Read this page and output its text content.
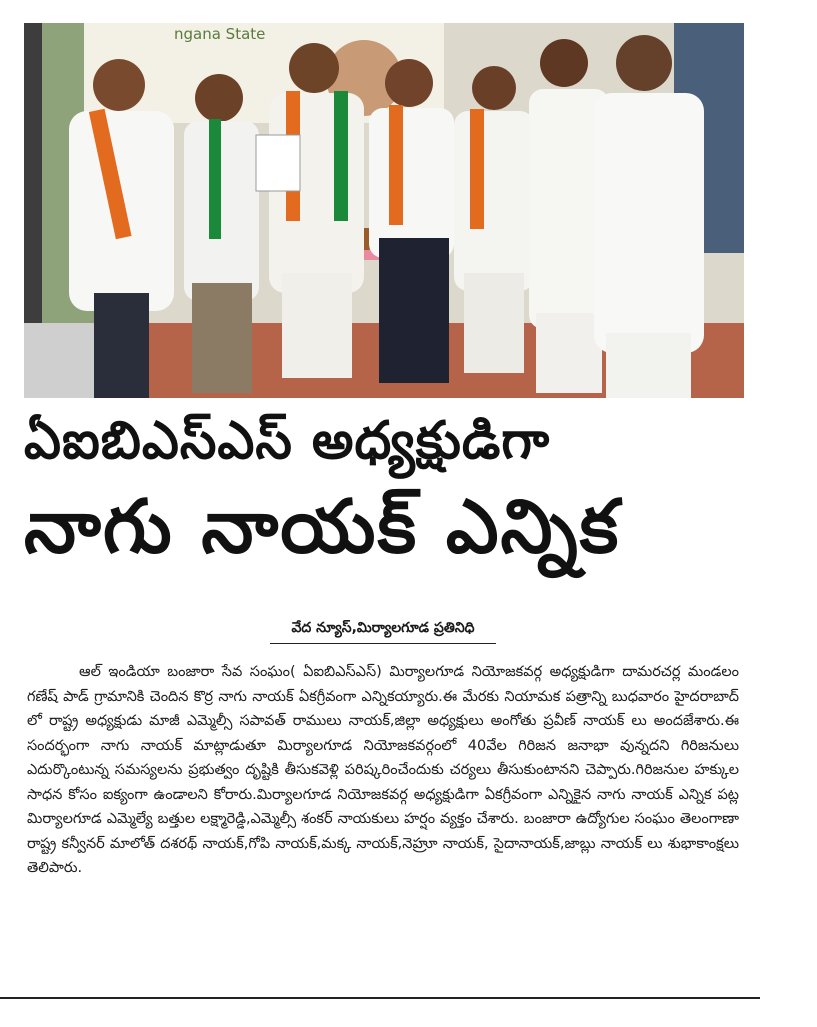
ngana State
ఏఐబిఎస్ఎస్ అధ్యక్షుడిగా
నాగు నాయక్ ఎన్నిక
వేద న్యూస్,మిర్యాలగూడ ప్రతినిధి

ఆల్ ఇండియా బంజారా సేవ సంఘం( ఏఐబిఎస్ఎస్) మిర్యాలగూడ నియోజకవర్గ అధ్యక్షుడిగా దామరచర్ల మండలం గణేష్ పాడ్ గ్రామానికి చెందిన కొర్ర నాగు నాయక్ ఏకగ్రీవంగా ఎన్నికయ్యారు.ఈ మేరకు నియామక పత్రాన్ని బుధవారం హైదరాబాద్ లో రాష్ట్ర అధ్యక్షుడు మాజీ ఎమ్మెల్సీ సపావత్ రాములు నాయక్,జిల్లా అధ్యక్షులు అంగోతు ప్రవీణ్ నాయక్ లు అందజేశారు.ఈ సందర్భంగా నాగు నాయక్ మాట్లాడుతూ మిర్యాలగూడ నియోజకవర్గంలో 40వేల గిరిజన జనాభా వున్నదని గిరిజనులు ఎదుర్కొంటున్న సమస్యలను ప్రభుత్వం దృష్టికి తీసుకవెళ్లి పరిష్కరించేందుకు చర్యలు తీసుకుంటానని చెప్పారు.గిరిజనుల హక్కుల సాధన కోసం ఐక్యంగా ఉండాలని కోరారు.మిర్యాలగూడ నియోజకవర్గ అధ్యక్షుడిగా ఏకగ్రీవంగా ఎన్నికైన నాగు నాయక్ ఎన్నిక పట్ల మిర్యాలగూడ ఎమ్మెల్యే బత్తుల లక్ష్మారెడ్డి,ఎమ్మెల్సీ శంకర్ నాయకులు హర్షం వ్యక్తం చేశారు. బంజారా ఉద్యోగుల సంఘం తెలంగాణా రాష్ట్ర కన్వీనర్ మాలోత్ దశరథ్ నాయక్,గోపి నాయక్,మక్క నాయక్,నెహ్రూ నాయక్, సైదానాయక్,జాబ్లు నాయక్ లు శుభాకాంక్షలు తెలిపారు.
